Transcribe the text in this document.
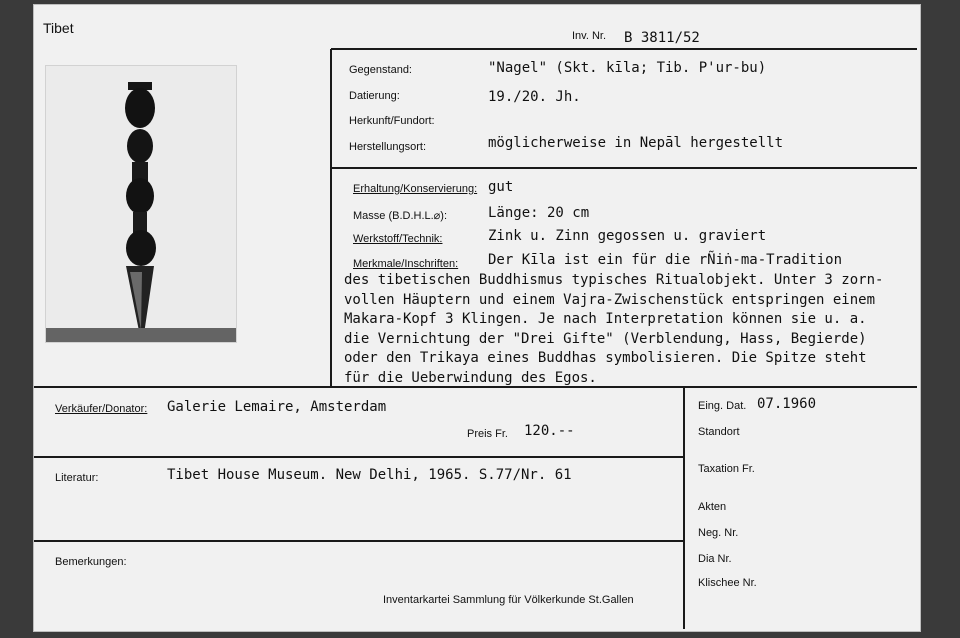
Tibet	Inv. Nr. B 3811/52
Gegenstand:	"Nagel" (Skt. kīla; Tib. P'ur-bu)
Datierung:	19./20. Jh.
Herkunft/Fundort:
Herstellungsort:	möglicherweise in Nepāl hergestellt
Erhaltung/Konservierung: gut
Masse (B.D.H.L.⌀):	Länge: 20 cm
Werkstoff/Technik:	Zink u. Zinn gegossen u. graviert
Merkmale/Inschriften: Der Kīla ist ein für die rÑiṅ-ma-Tradition

des tibetischen Buddhismus typisches Ritualobjekt. Unter 3 zorn-

vollen Häuptern und einem Vajra-Zwischenstück entspringen einem

Makara-Kopf 3 Klingen. Je nach Interpretation können sie u. a.

die Vernichtung der "Drei Gifte" (Verblendung, Hass, Begierde)

oder den Trikaya eines Buddhas symbolisieren. Die Spitze steht

für die Ueberwindung des Egos.

Verkäufer/Donator: Galerie Lemaire, Amsterdam
Preis Fr. 120.--
Literatur:	Tibet House Museum. New Delhi, 1965. S.77/Nr. 61
Bemerkungen:
Inventarkartei Sammlung für Völkerkunde St.Gallen
Eing. Dat. 07.1960
Standort
Taxation Fr.
Akten
Neg. Nr.
Dia Nr.
Klischee Nr.
